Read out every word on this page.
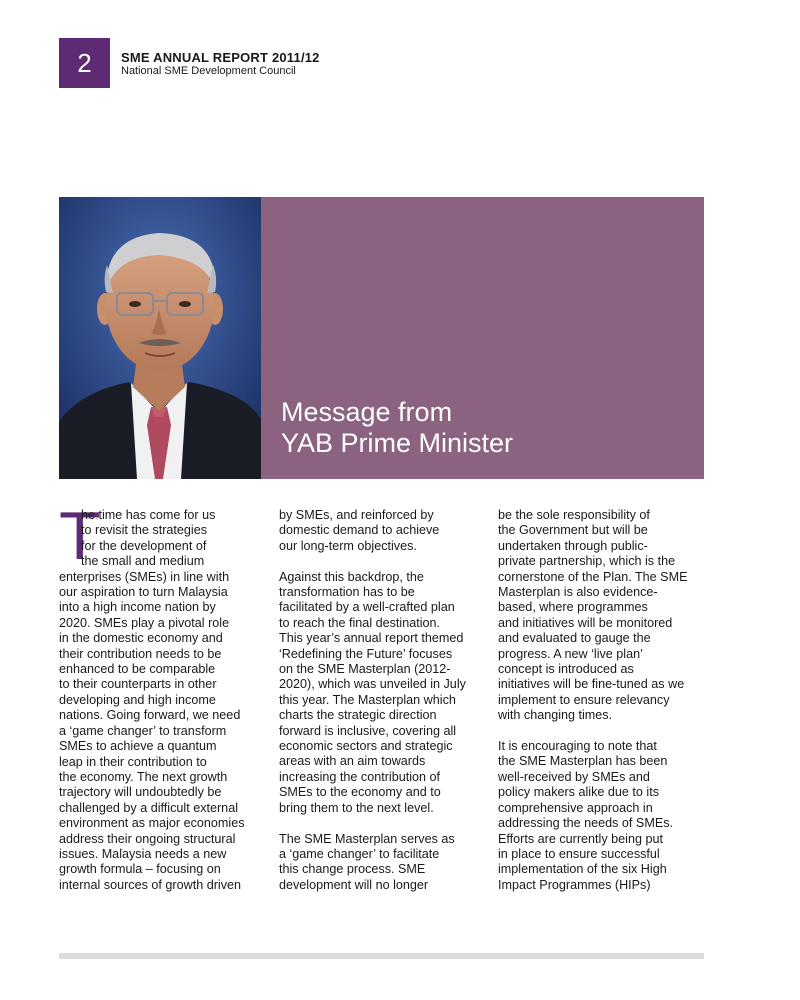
2	SME ANNUAL REPORT 2011/12
National SME Development Council
Message from
YAB Prime Minister
T

he time has come for us
to revisit the strategies
for the development of
the small and medium
enterprises (SMEs) in line with
our aspiration to turn Malaysia
into a high income nation by
2020. SMEs play a pivotal role
in the domestic economy and
their contribution needs to be
enhanced to be comparable
to their counterparts in other
developing and high income
nations. Going forward, we need
a ‘game changer’ to transform
SMEs to achieve a quantum
leap in their contribution to
the economy. The next growth
trajectory will undoubtedly be
challenged by a difficult external
environment as major economies
address their ongoing structural
issues. Malaysia needs a new
growth formula – focusing on
internal sources of growth driven

by SMEs, and reinforced by
domestic demand to achieve
our long-term objectives.

Against this backdrop, the
transformation has to be
facilitated by a well-crafted plan
to reach the final destination.
This year’s annual report themed
‘Redefining the Future’ focuses
on the SME Masterplan (2012-
2020), which was unveiled in July
this year. The Masterplan which
charts the strategic direction
forward is inclusive, covering all
economic sectors and strategic
areas with an aim towards
increasing the contribution of
SMEs to the economy and to
bring them to the next level.

The SME Masterplan serves as
a ‘game changer’ to facilitate
this change process. SME
development will no longer

be the sole responsibility of
the Government but will be
undertaken through public-
private partnership, which is the
cornerstone of the Plan. The SME
Masterplan is also evidence-
based, where programmes
and initiatives will be monitored
and evaluated to gauge the
progress. A new ‘live plan’
concept is introduced as
initiatives will be fine-tuned as we
implement to ensure relevancy
with changing times.

It is encouraging to note that
the SME Masterplan has been
well-received by SMEs and
policy makers alike due to its
comprehensive approach in
addressing the needs of SMEs.
Efforts are currently being put
in place to ensure successful
implementation of the six High
Impact Programmes (HIPs)
